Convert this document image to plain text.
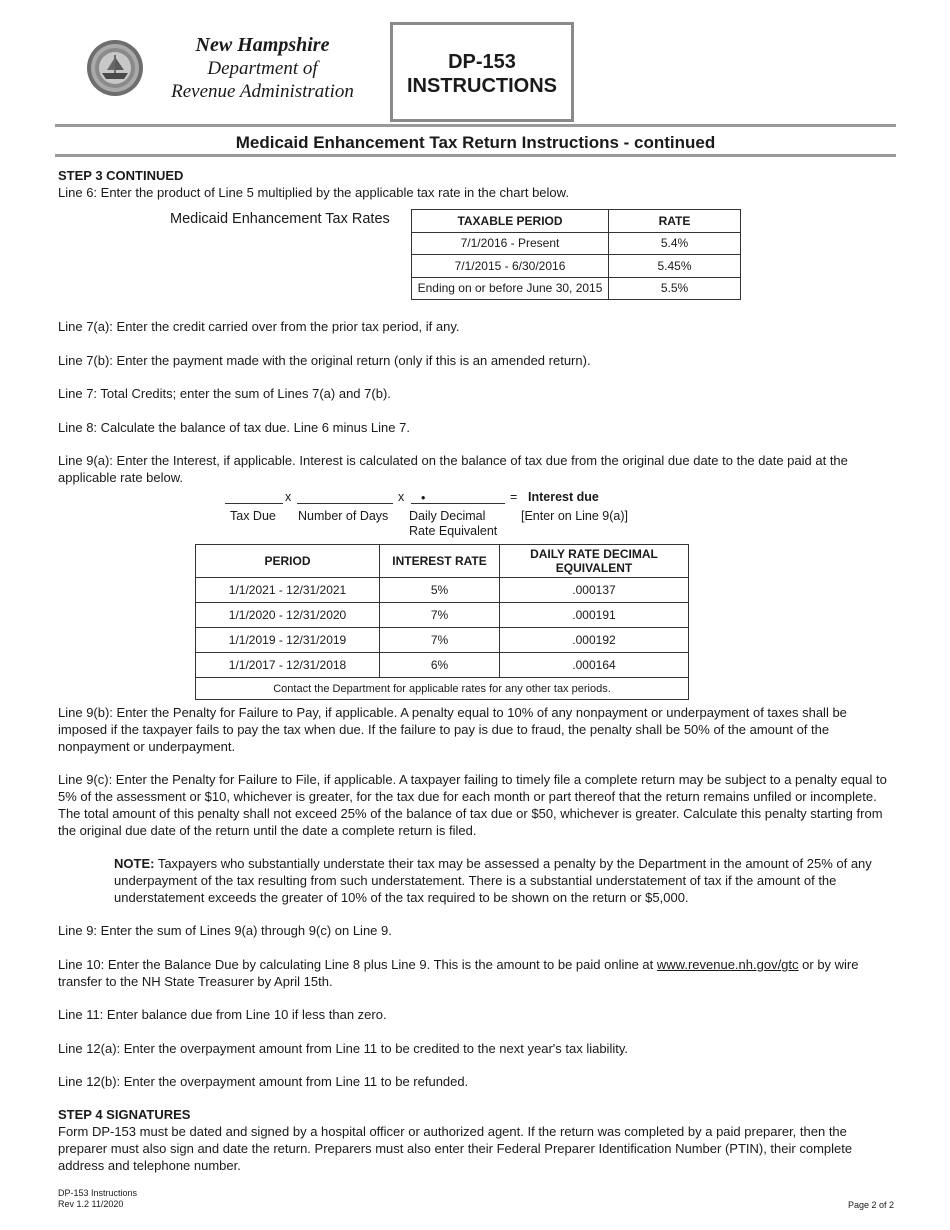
New Hampshire
Department of
Revenue Administration
DP-153
INSTRUCTIONS
Medicaid Enhancement Tax Return Instructions - continued
STEP 3 CONTINUED
Line 6: Enter the product of Line 5 multiplied by the applicable tax rate in the chart below.
Medicaid Enhancement Tax Rates	TAXABLE PERIOD	RATE
7/1/2016 - Present	5.4%
7/1/2015 - 6/30/2016	5.45%
Ending on or before June 30, 2015	5.5%
Line 7(a): Enter the credit carried over from the prior tax period, if any.
Line 7(b): Enter the payment made with the original return (only if this is an amended return).
Line 7: Total Credits; enter the sum of Lines 7(a) and 7(b).
Line 8: Calculate the balance of tax due. Line 6 minus Line 7.
Line 9(a): Enter the Interest, if applicable. Interest is calculated on the balance of tax due from the original due date to the date paid at the applicable rate below.
x	x •	= Interest due
Tax Due Number of Days Daily Decimal
Rate Equivalent
[Enter on Line 9(a)]
PERIOD	INTEREST RATE	DAILY RATE DECIMAL EQUIVALENT
1/1/2021 - 12/31/2021	5%	.000137
1/1/2020 - 12/31/2020	7%	.000191
1/1/2019 - 12/31/2019	7%	.000192
1/1/2017 - 12/31/2018	6%	.000164
Contact the Department for applicable rates for any other tax periods.		
Line 9(b): Enter the Penalty for Failure to Pay, if applicable. A penalty equal to 10% of any nonpayment or underpayment of taxes shall be imposed if the taxpayer fails to pay the tax when due. If the failure to pay is due to fraud, the penalty shall be 50% of the amount of the nonpayment or underpayment.
Line 9(c): Enter the Penalty for Failure to File, if applicable. A taxpayer failing to timely file a complete return may be subject to a penalty equal to 5% of the assessment or $10, whichever is greater, for the tax due for each month or part thereof that the return remains unfiled or incomplete. The total amount of this penalty shall not exceed 25% of the balance of tax due or $50, whichever is greater. Calculate this penalty starting from the original due date of the return until the date a complete return is filed.
NOTE: Taxpayers who substantially understate their tax may be assessed a penalty by the Department in the amount of 25% of any underpayment of the tax resulting from such understatement. There is a substantial understatement of tax if the amount of the understatement exceeds the greater of 10% of the tax required to be shown on the return or $5,000.
Line 9: Enter the sum of Lines 9(a) through 9(c) on Line 9.
Line 10: Enter the Balance Due by calculating Line 8 plus Line 9. This is the amount to be paid online at www.revenue.nh.gov/gtc or by wire transfer to the NH State Treasurer by April 15th.
Line 11: Enter balance due from Line 10 if less than zero.
Line 12(a): Enter the overpayment amount from Line 11 to be credited to the next year's tax liability.
Line 12(b): Enter the overpayment amount from Line 11 to be refunded.
STEP 4 SIGNATURES
Form DP-153 must be dated and signed by a hospital officer or authorized agent. If the return was completed by a paid preparer, then the preparer must also sign and date the return. Preparers must also enter their Federal Preparer Identification Number (PTIN), their complete address and telephone number.
DP-153 Instructions
Rev 1.2 11/2020	Page 2 of 2
